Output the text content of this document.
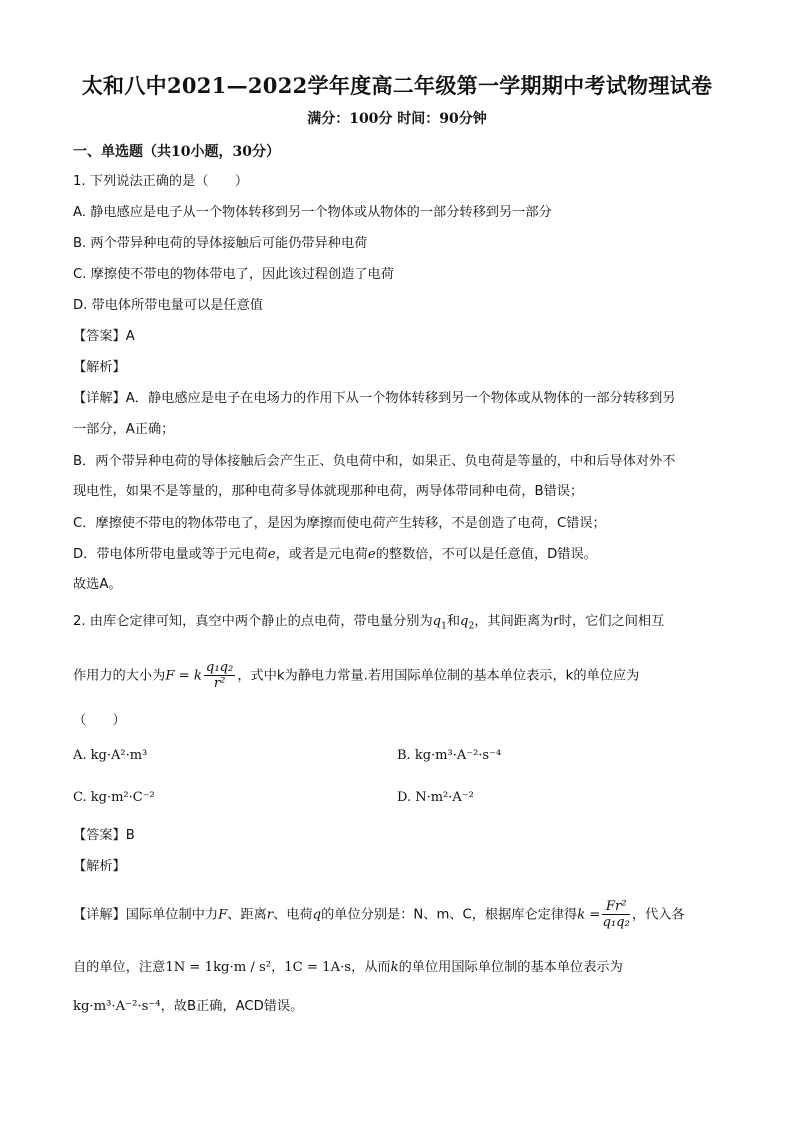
太和八中2021—2022学年度高二年级第一学期期中考试物理试卷
满分：100分 时间：90分钟
一、单选题（共10小题，30分）
1. 下列说法正确的是（　　）
A. 静电感应是电子从一个物体转移到另一个物体或从物体的一部分转移到另一部分
B. 两个带异种电荷的导体接触后可能仍带异种电荷
C. 摩擦使不带电的物体带电了，因此该过程创造了电荷
D. 带电体所带电量可以是任意值
【答案】A
【解析】
【详解】A．静电感应是电子在电场力的作用下从一个物体转移到另一个物体或从物体的一部分转移到另
一部分，A正确；
B．两个带异种电荷的导体接触后会产生正、负电荷中和，如果正、负电荷是等量的，中和后导体对外不
现电性，如果不是等量的，那种电荷多导体就现那种电荷，两导体带同种电荷，B错误；
C．摩擦使不带电的物体带电了，是因为摩擦而使电荷产生转移，不是创造了电荷，C错误；
D．带电体所带电量或等于元电荷e，或者是元电荷e的整数倍，不可以是任意值，D错误。
故选A。
2. 由库仑定律可知，真空中两个静止的点电荷，带电量分别为$q_1$和$q_2$，其间距离为r时，它们之间相互
作用力的大小为F = k $\frac{\text{q₁q₂}}{\text{r²}}$ ，式中k为静电力常量.若用国际单位制的基本单位表示，k的单位应为
（　　）
A. kg·A²·m³	B. kg·m³·A⁻²·s⁻⁴
C. kg·m²·C⁻²	D. N·m²·A⁻²
【答案】B
【解析】
【详解】国际单位制中力F、距离r、电荷q的单位分别是：N、m、C，根据库仑定律得$k = \frac{\text{Fr²}}{\text{q₁q₂}}$ ，代入各
自的单位，注意1N = 1kg·m / s²，1C = 1A·s，从而k的单位用国际单位制的基本单位表示为
kg·m³·A⁻²·s⁻⁴，故B正确，ACD错误。
